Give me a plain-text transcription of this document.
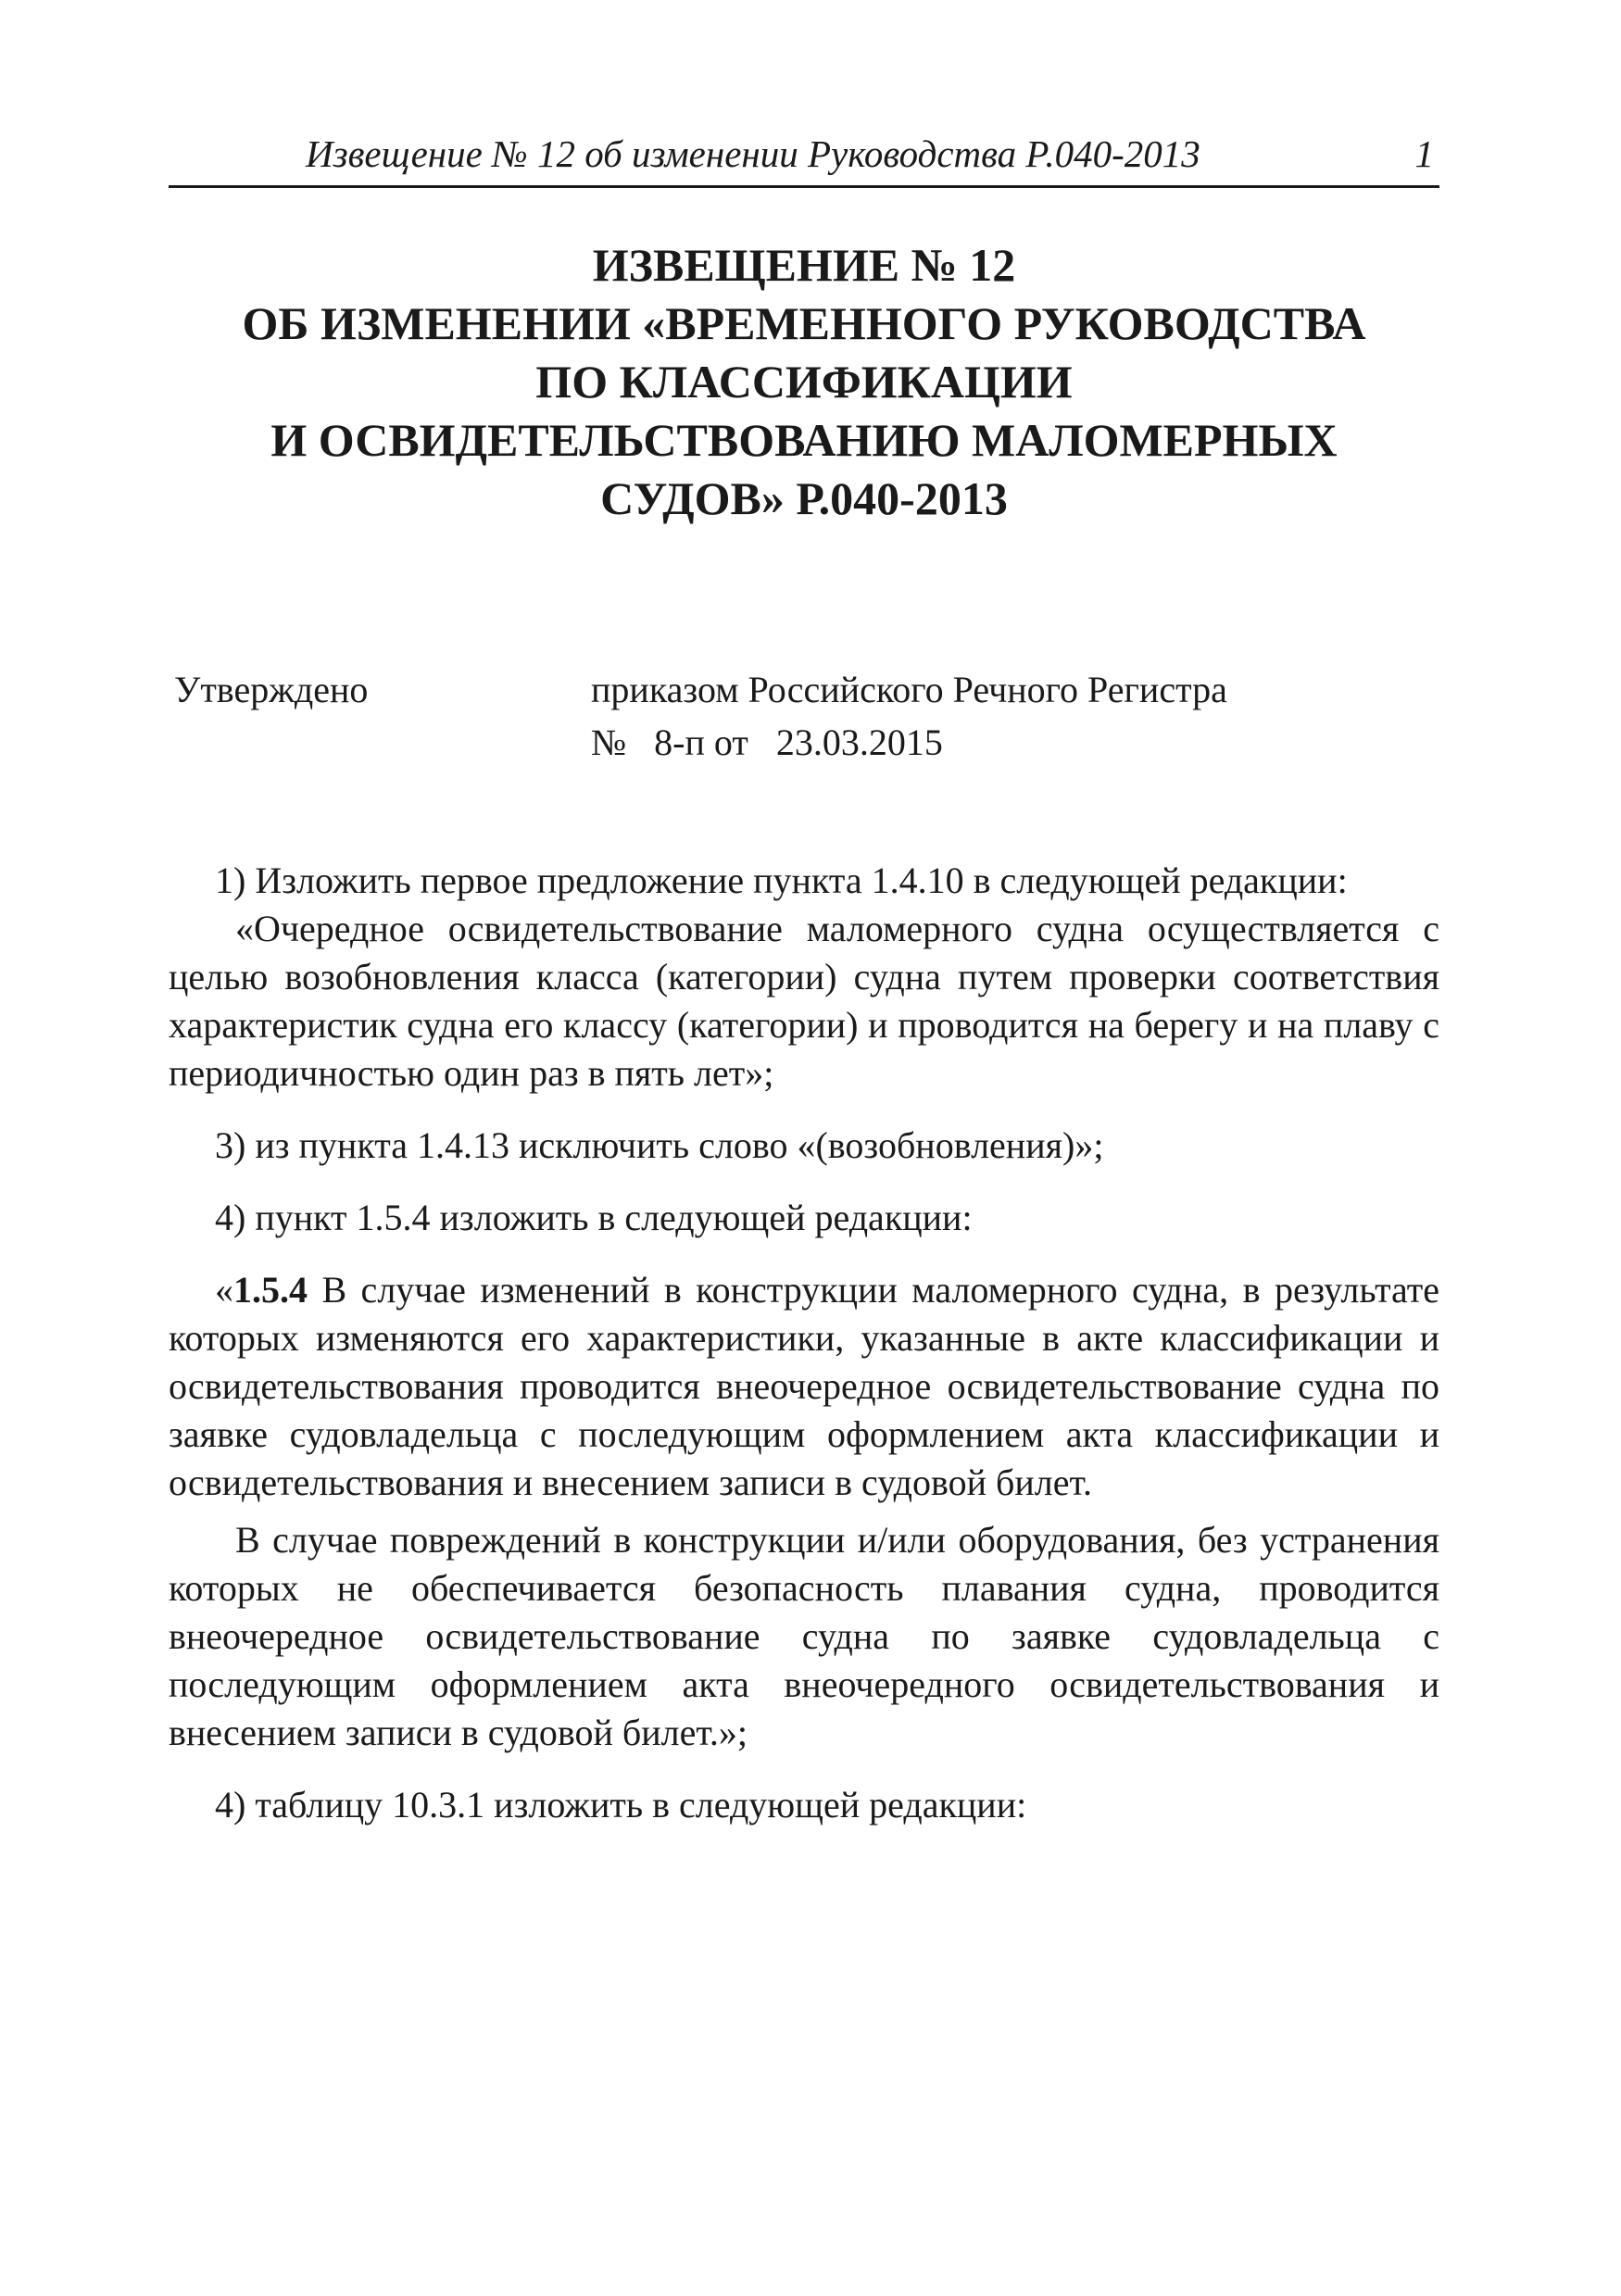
Извещение № 12 об изменении Руководства Р.040-2013	1
ИЗВЕЩЕНИЕ № 12
ОБ ИЗМЕНЕНИИ «ВРЕМЕННОГО РУКОВОДСТВА
ПО КЛАССИФИКАЦИИ
И ОСВИДЕТЕЛЬСТВОВАНИЮ МАЛОМЕРНЫХ
СУДОВ» Р.040-2013
Утверждено	приказом Российского Речного Регистра
№   8-п от   23.03.2015

1) Изложить первое предложение пункта 1.4.10 в следующей редакции:

«Очередное освидетельствование маломерного судна осуществляется с целью возобновления класса (категории) судна путем проверки соответствия характеристик судна его классу (категории) и проводится на берегу и на плаву с периодичностью один раз в пять лет»;

3) из пункта 1.4.13 исключить слово «(возобновления)»;

4) пункт 1.5.4 изложить в следующей редакции:

«1.5.4 В случае изменений в конструкции маломерного судна, в результате которых изменяются его характеристики, указанные в акте классификации и освидетельствования проводится внеочередное освидетельствование судна по заявке судовладельца с последующим оформлением акта классификации и освидетельствования и внесением записи в судовой билет.

В случае повреждений в конструкции и/или оборудования, без устранения которых не обеспечивается безопасность плавания судна, проводится внеочередное освидетельствование судна по заявке судовладельца с последующим оформлением акта внеочередного освидетельствования и внесением записи в судовой билет.»;

4) таблицу 10.3.1 изложить в следующей редакции:
